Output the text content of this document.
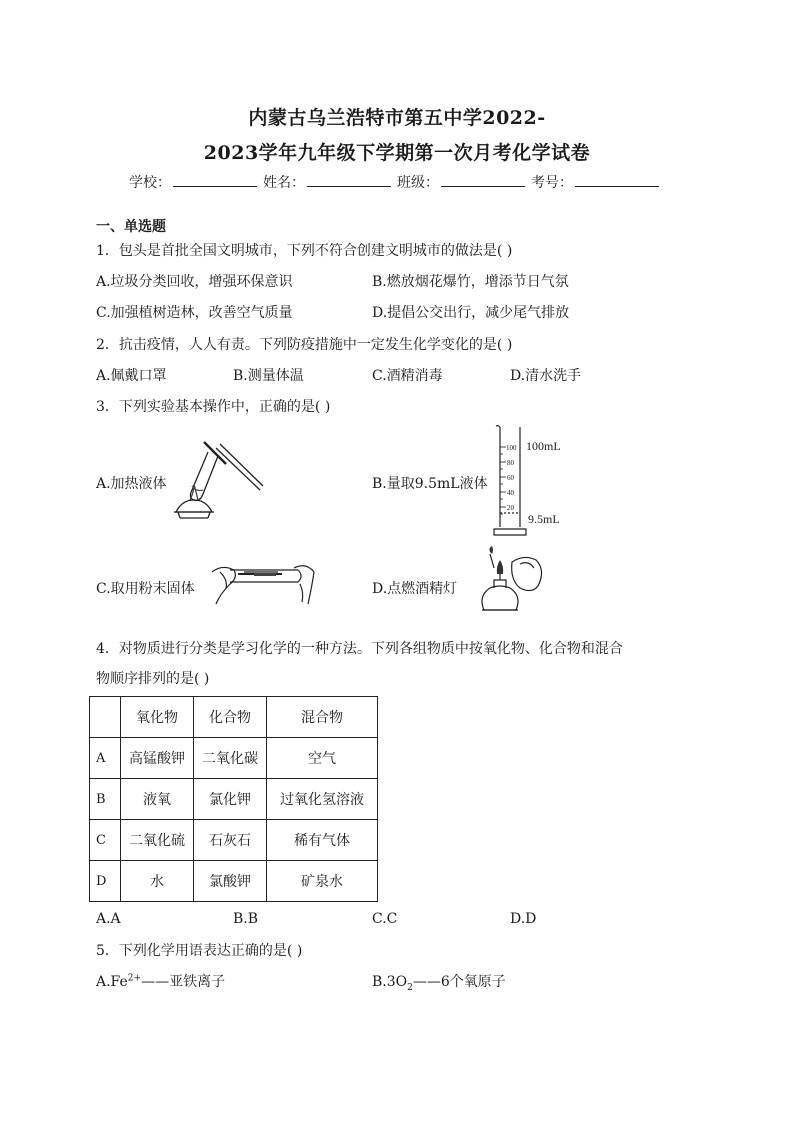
内蒙古乌兰浩特市第五中学2022-
2023学年九年级下学期第一次月考化学试卷
学校：	姓名：	班级：	考号：
一、单选题
1．包头是首批全国文明城市，下列不符合创建文明城市的做法是( )
A.垃圾分类回收，增强环保意识	B.燃放烟花爆竹，增添节日气氛
C.加强植树造林，改善空气质量	D.提倡公交出行，减少尾气排放
2．抗击疫情，人人有责。下列防疫措施中一定发生化学变化的是( )
A.佩戴口罩	B.测量体温	C.酒精消毒	D.清水洗手
3．下列实验基本操作中，正确的是( )
A.加热液体	B.量取9.5mL液体
C.取用粉末固体	D.点燃酒精灯
100
80
60
40
20
100mL
9.5mL
4．对物质进行分类是学习化学的一种方法。下列各组物质中按氧化物、化合物和混合
物顺序排列的是( )
	氧化物	化合物	混合物
A	高锰酸钾	二氧化碳	空气
B	液氧	氯化钾	过氧化氢溶液
C	二氧化硫	石灰石	稀有气体
D	水	氯酸钾	矿泉水
A.A	B.B	C.C	D.D
5．下列化学用语表达正确的是( )
$A.Fe^{2+}——$亚铁离子	$B.3O_2——6$个氧原子
